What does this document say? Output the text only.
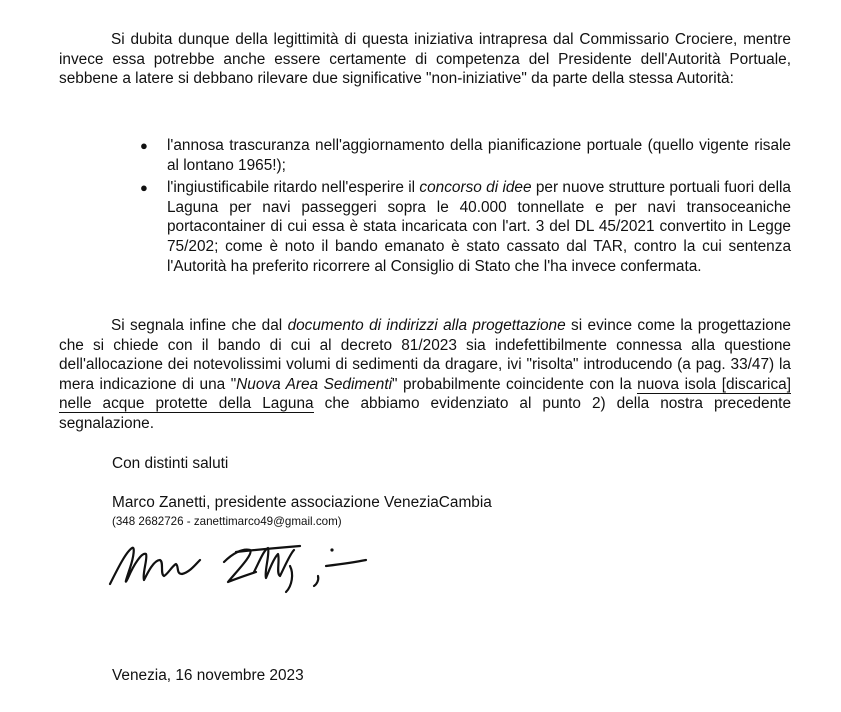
Si dubita dunque della legittimità di questa iniziativa intrapresa dal Commissario Crociere, mentre invece essa potrebbe anche essere certamente di competenza del Presidente dell'Autorità Portuale, sebbene a latere si debbano rilevare due significative "non-iniziative" da parte della stessa Autorità:

● l'annosa trascuranza nell'aggiornamento della pianificazione portuale (quello vigente risale al lontano 1965!);
● l'ingiustificabile ritardo nell'esperire il concorso di idee per nuove strutture portuali fuori della Laguna per navi passeggeri sopra le 40.000 tonnellate e per navi transoceaniche portacontainer di cui essa è stata incaricata con l'art. 3 del DL 45/2021 convertito in Legge 75/202; come è noto il bando emanato è stato cassato dal TAR, contro la cui sentenza l'Autorità ha preferito ricorrere al Consiglio di Stato che l'ha invece confermata.

Si segnala infine che dal documento di indirizzi alla progettazione si evince come la progettazione che si chiede con il bando di cui al decreto 81/2023 sia indefettibilmente connessa alla questione dell'allocazione dei notevolissimi volumi di sedimenti da dragare, ivi "risolta" introducendo (a pag. 33/47) la mera indicazione di una "Nuova Area Sedimenti" probabilmente coincidente con la nuova isola [discarica] nelle acque protette della Laguna che abbiamo evidenziato al punto 2) della nostra precedente segnalazione.

Con distinti saluti
Marco Zanetti, presidente associazione VeneziaCambia
(348 2682726 - zanettimarco49@gmail.com)
Venezia, 16 novembre 2023
